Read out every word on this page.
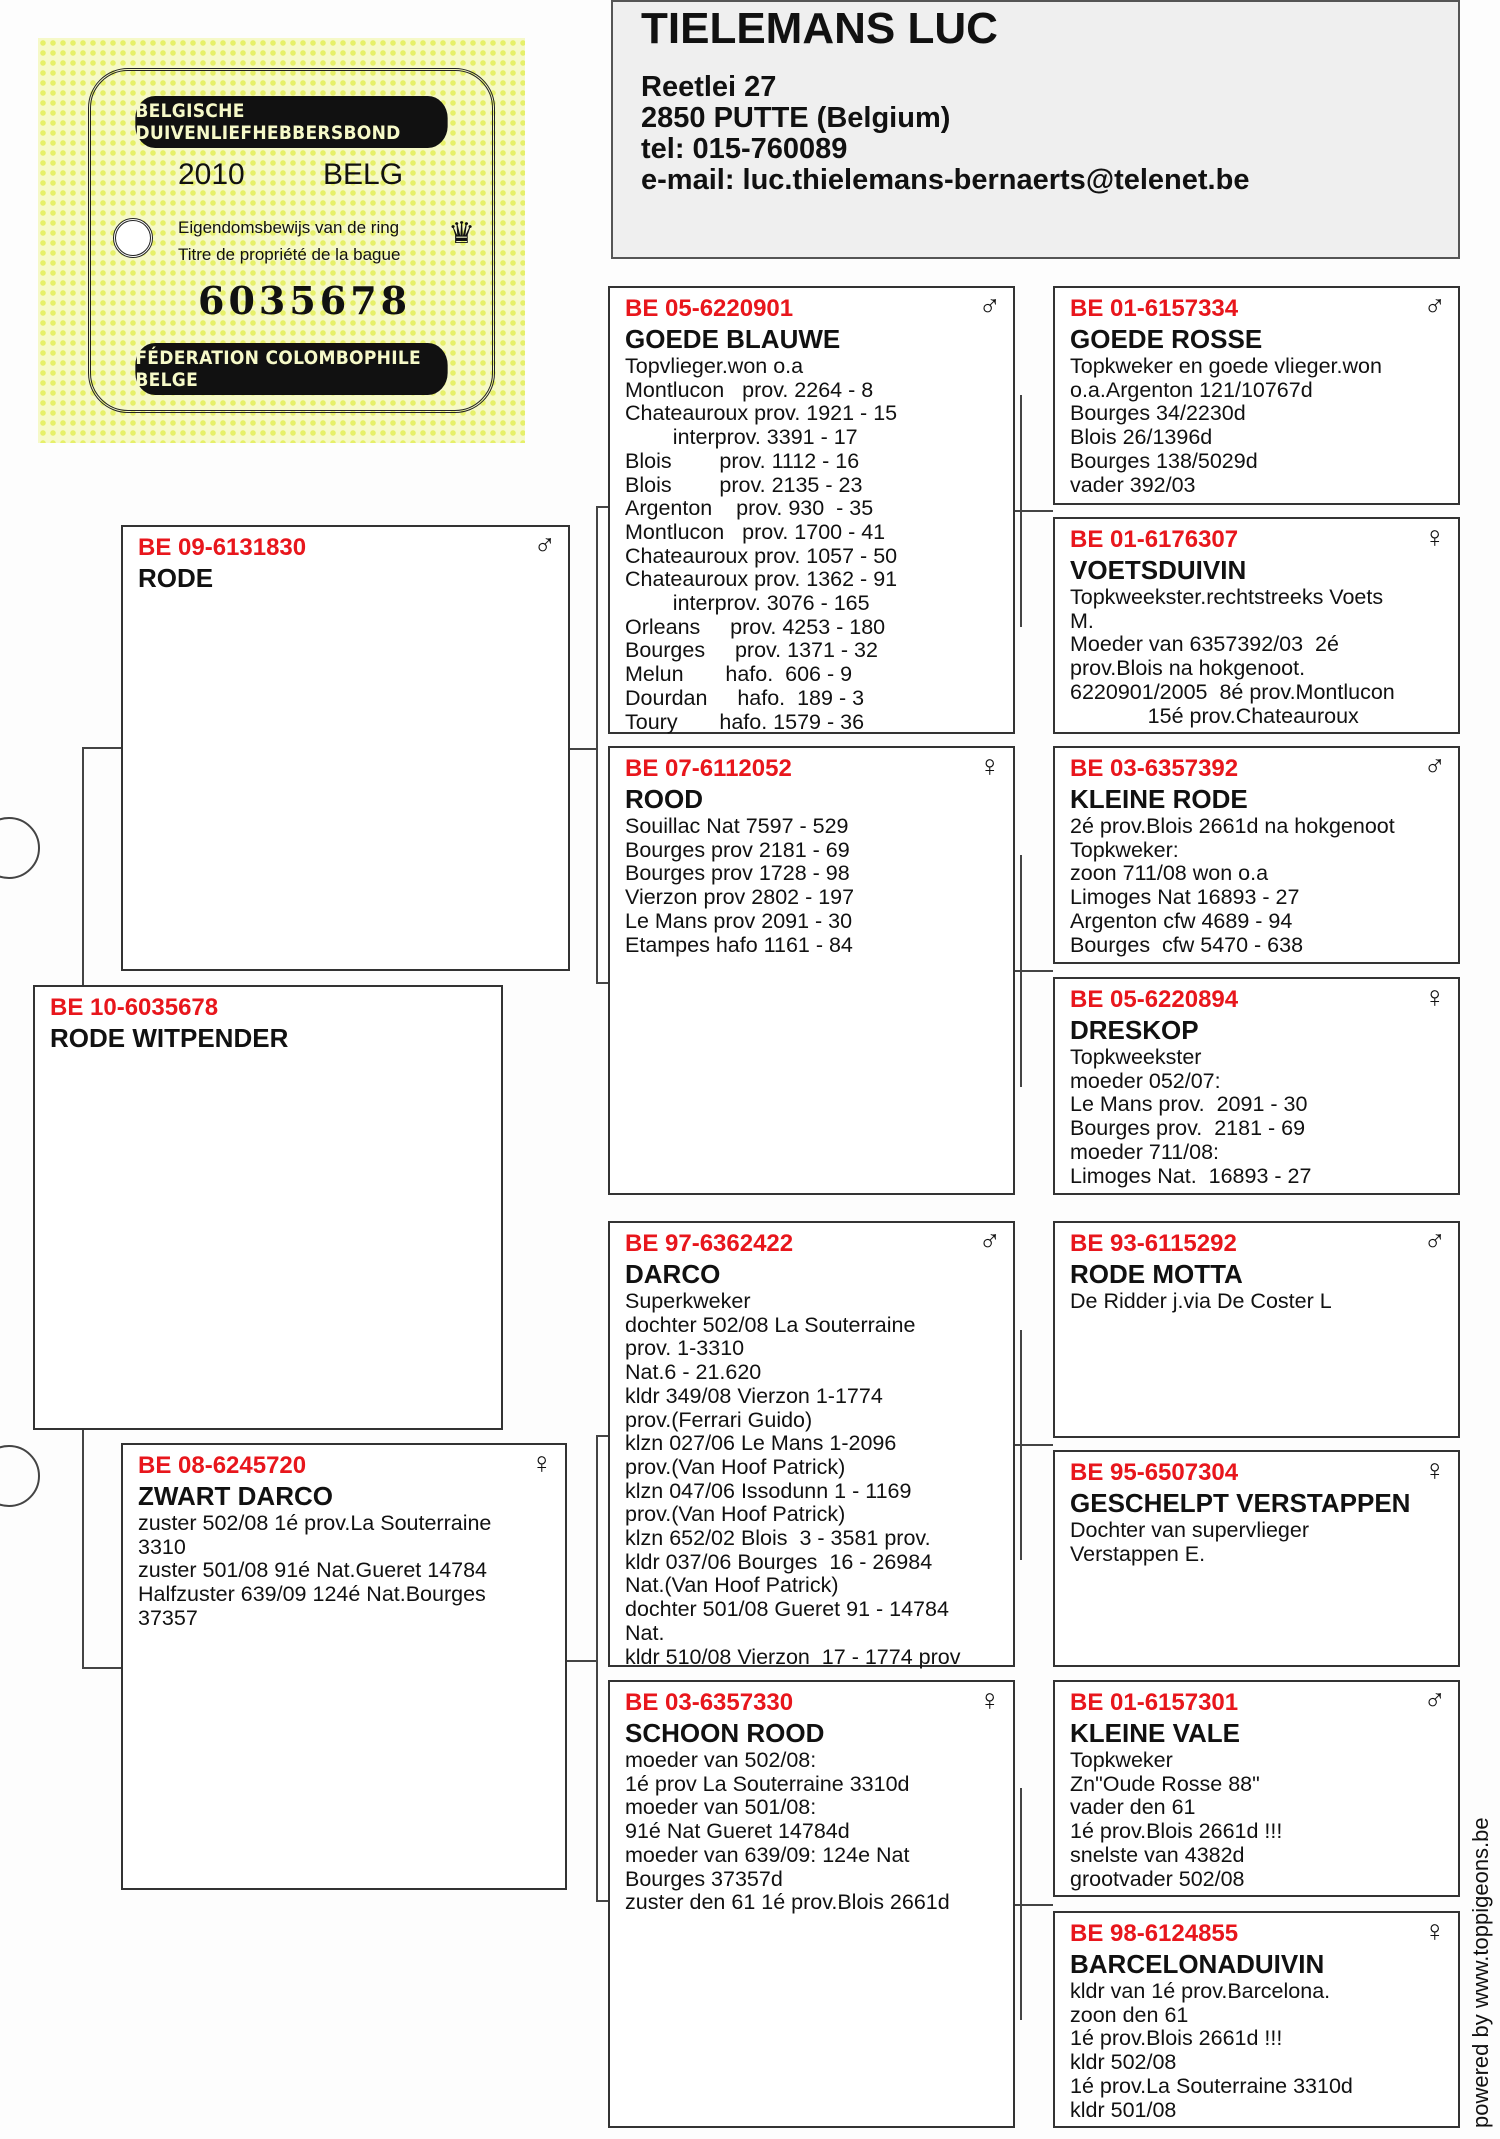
BELGISCHE DUIVENLIEFHEBBERSBOND
2010	BELG
♛
Eigendomsbewijs van de ring
Titre de propriété de la bague
6035678
FÉDERATION COLOMBOPHILE BELGE
TIELEMANS LUC
Reetlei 27
2850 PUTTE (Belgium)
tel: 015-760089
e-mail: luc.thielemans-bernaerts@telenet.be
BE 10-6035678
RODE WITPENDER
BE 09-6131830	♂
RODE
BE 08-6245720	♀
ZWART DARCO
zuster 502/08 1é prov.La Souterraine
3310
zuster 501/08 91é Nat.Gueret 14784
Halfzuster 639/09 124é Nat.Bourges
37357
BE 05-6220901	♂
GOEDE BLAUWE
Topvlieger.won o.a
Montlucon   prov. 2264 - 8
Chateauroux prov. 1921 - 15
interprov. 3391 - 17
Blois        prov. 1112 - 16
Blois        prov. 2135 - 23
Argenton    prov. 930  - 35
Montlucon   prov. 1700 - 41
Chateauroux prov. 1057 - 50
Chateauroux prov. 1362 - 91
interprov. 3076 - 165
Orleans     prov. 4253 - 180
Bourges     prov. 1371 - 32
Melun       hafo.  606 - 9
Dourdan     hafo.  189 - 3
Toury       hafo. 1579 - 36
BE 07-6112052	♀
ROOD
Souillac Nat 7597 - 529
Bourges prov 2181 - 69
Bourges prov 1728 - 98
Vierzon prov 2802 - 197
Le Mans prov 2091 - 30
Etampes hafo 1161 - 84
BE 97-6362422	♂
DARCO
Superkweker
dochter 502/08 La Souterraine
prov. 1-3310
Nat.6 - 21.620
kldr 349/08 Vierzon 1-1774
prov.(Ferrari Guido)
klzn 027/06 Le Mans 1-2096
prov.(Van Hoof Patrick)
klzn 047/06 Issodunn 1 - 1169
prov.(Van Hoof Patrick)
klzn 652/02 Blois  3 - 3581 prov.
kldr 037/06 Bourges  16 - 26984
Nat.(Van Hoof Patrick)
dochter 501/08 Gueret 91 - 14784
Nat.
kldr 510/08 Vierzon  17 - 1774 prov
BE 03-6357330	♀
SCHOON ROOD
moeder van 502/08:
1é prov La Souterraine 3310d
moeder van 501/08:
91é Nat Gueret 14784d
moeder van 639/09: 124e Nat
Bourges 37357d
zuster den 61 1é prov.Blois 2661d
BE 01-6157334	♂
GOEDE ROSSE
Topkweker en goede vlieger.won
o.a.Argenton 121/10767d
Bourges 34/2230d
Blois 26/1396d
Bourges 138/5029d
vader 392/03
BE 01-6176307	♀
VOETSDUIVIN
Topkweekster.rechtstreeks Voets
M.
Moeder van 6357392/03  2é
prov.Blois na hokgenoot.
6220901/2005  8é prov.Montlucon
15é prov.Chateauroux
BE 03-6357392	♂
KLEINE RODE
2é prov.Blois 2661d na hokgenoot
Topkweker:
zoon 711/08 won o.a
Limoges Nat 16893 - 27
Argenton cfw 4689 - 94
Bourges  cfw 5470 - 638
BE 05-6220894	♀
DRESKOP
Topkweekster
moeder 052/07:
Le Mans prov.  2091 - 30
Bourges prov.  2181 - 69
moeder 711/08:
Limoges Nat.  16893 - 27
BE 93-6115292	♂
RODE MOTTA
De Ridder j.via De Coster L
BE 95-6507304	♀
GESCHELPT VERSTAPPEN
Dochter van supervlieger
Verstappen E.
BE 01-6157301	♂
KLEINE VALE
Topkweker
Zn"Oude Rosse 88"
vader den 61
1é prov.Blois 2661d !!!
snelste van 4382d
grootvader 502/08
BE 98-6124855	♀
BARCELONADUIVIN
kldr van 1é prov.Barcelona.
zoon den 61
1é prov.Blois 2661d !!!
kldr 502/08
1é prov.La Souterraine 3310d
kldr 501/08	powered by www.toppigeons.be
